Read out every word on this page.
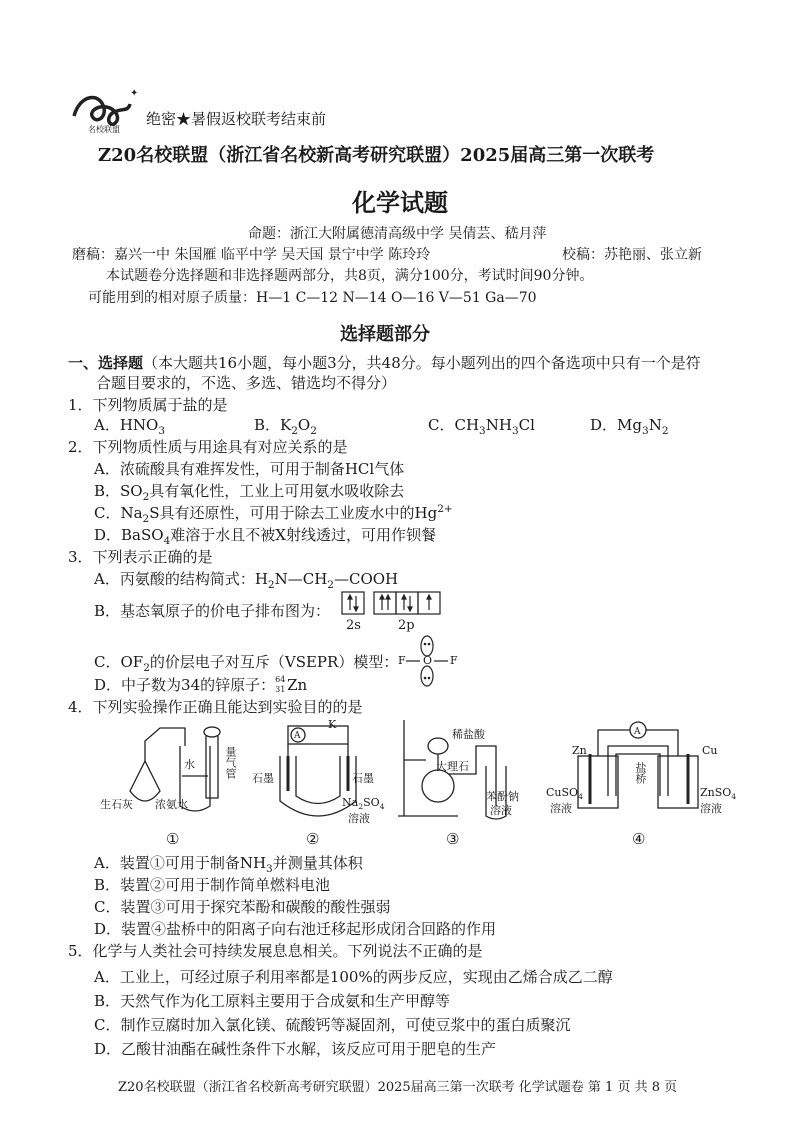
✦
名校联盟
绝密★暑假返校联考结束前
Z20名校联盟（浙江省名校新高考研究联盟）2025届高三第一次联考
化学试题
命题：浙江大附属德清高级中学 吴倩芸、嵇月萍
磨稿：嘉兴一中 朱国雁 临平中学 吴天国 景宁中学 陈玲玲	校稿：苏艳丽、张立新
本试题卷分选择题和非选择题两部分，共8页，满分100分，考试时间90分钟。
可能用到的相对原子质量：H—1 C—12 N—14 O—16 V—51 Ga—70
选择题部分
一、选择题（本大题共16小题，每小题3分，共48分。每小题列出的四个备选项中只有一个是符
合题目要求的，不选、多选、错选均不得分）
1．下列物质属于盐的是
A．$HNO_3$	B．$K_2O_2$	C．$CH_3NH_3Cl$	D．$Mg_3N_2$
2．下列物质性质与用途具有对应关系的是
A．浓硫酸具有难挥发性，可用于制备HCl气体
B．$SO_2$具有氧化性，工业上可用氨水吸收除去
C．$Na_2S$具有还原性，可用于除去工业废水中的$Hg^{2+}$
D．BaSO$_4$难溶于水且不被X射线透过，可用作钡餐
3．下列表示正确的是
A．丙氨酸的结构简式：$H_2N—CH_2—COOH$
B．基态氧原子的价电子排布图为：
2s	2p
F O F
C．$OF_2$的价层电子对互斥（VSEPR）模型：
D．中子数为34的锌原子： 64
31 Zn
4．下列实验操作正确且能达到实验目的的是
生石灰 浓氨水
水	量气管
①
A
K
石墨	石墨
$Na_2SO_4$
溶液
②
稀盐酸
大理石
苯酚钠
溶液
③
A
Zn	Cu
盐桥
CuSO$_4$
溶液
ZnSO$_4$
溶液
④
A．装置①可用于制备$NH_3$并测量其体积
B．装置②可用于制作简单燃料电池
C．装置③可用于探究苯酚和碳酸的酸性强弱
D．装置④盐桥中的阳离子向右池迁移起形成闭合回路的作用
5．化学与人类社会可持续发展息息相关。下列说法不正确的是
A．工业上，可经过原子利用率都是100%的两步反应，实现由乙烯合成乙二醇
B．天然气作为化工原料主要用于合成氨和生产甲醇等
C．制作豆腐时加入氯化镁、硫酸钙等凝固剂，可使豆浆中的蛋白质聚沉
D．乙酸甘油酯在碱性条件下水解，该反应可用于肥皂的生产
Z20名校联盟（浙江省名校新高考研究联盟）2025届高三第一次联考 化学试题卷 第 1 页 共 8 页
